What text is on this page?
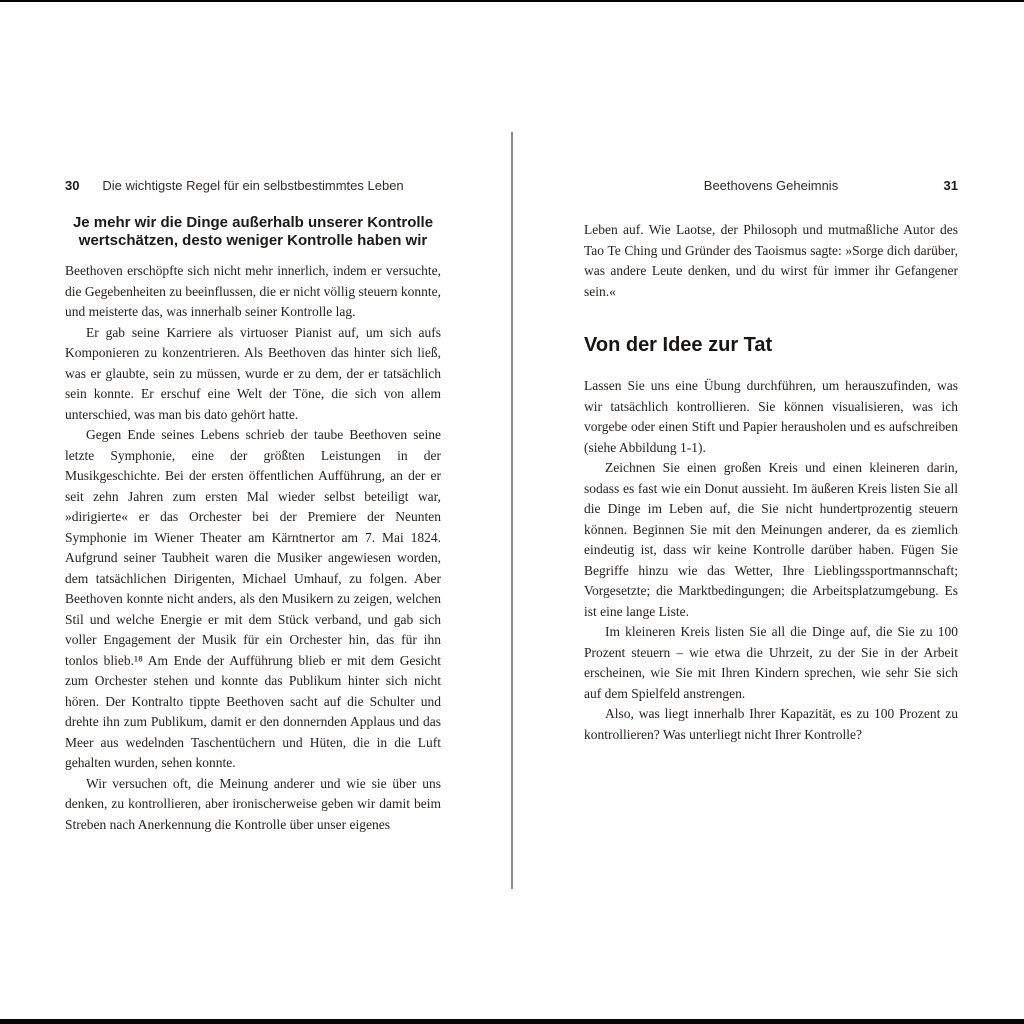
30 Die wichtigste Regel für ein selbstbestimmtes Leben
Je mehr wir die Dinge außerhalb unserer Kontrolle
wertschätzen, desto weniger Kontrolle haben wir

Beethoven erschöpfte sich nicht mehr innerlich, indem er versuchte, die Gegebenheiten zu beeinflussen, die er nicht völlig steuern konnte, und meisterte das, was innerhalb seiner Kontrolle lag.

Er gab seine Karriere als virtuoser Pianist auf, um sich aufs Komponieren zu konzentrieren. Als Beethoven das hinter sich ließ, was er glaubte, sein zu müssen, wurde er zu dem, der er tatsächlich sein konnte. Er erschuf eine Welt der Töne, die sich von allem unterschied, was man bis dato gehört hatte.

Gegen Ende seines Lebens schrieb der taube Beethoven seine letzte Symphonie, eine der größten Leistungen in der Musikgeschichte. Bei der ersten öffentlichen Aufführung, an der er seit zehn Jahren zum ersten Mal wieder selbst beteiligt war, »dirigierte« er das Orchester bei der Premiere der Neunten Symphonie im Wiener Theater am Kärntnertor am 7. Mai 1824. Aufgrund seiner Taubheit waren die Musiker angewiesen worden, dem tatsächlichen Dirigenten, Michael Umhauf, zu folgen. Aber Beethoven konnte nicht anders, als den Musikern zu zeigen, welchen Stil und welche Energie er mit dem Stück verband, und gab sich voller Engagement der Musik für ein Orchester hin, das für ihn tonlos blieb.¹⁸ Am Ende der Aufführung blieb er mit dem Gesicht zum Orchester stehen und konnte das Publikum hinter sich nicht hören. Der Kontralto tippte Beethoven sacht auf die Schulter und drehte ihn zum Publikum, damit er den donnernden Applaus und das Meer aus wedelnden Taschentüchern und Hüten, die in die Luft gehalten wurden, sehen konnte.

Wir versuchen oft, die Meinung anderer und wie sie über uns denken, zu kontrollieren, aber ironischerweise geben wir damit beim Streben nach Anerkennung die Kontrolle über unser eigenes

Beethovens Geheimnis	31

Leben auf. Wie Laotse, der Philosoph und mutmaßliche Autor des Tao Te Ching und Gründer des Taoismus sagte: »Sorge dich darüber, was andere Leute denken, und du wirst für immer ihr Gefangener sein.«

Von der Idee zur Tat

Lassen Sie uns eine Übung durchführen, um herauszufinden, was wir tatsächlich kontrollieren. Sie können visualisieren, was ich vorgebe oder einen Stift und Papier herausholen und es aufschreiben (siehe Abbildung 1-1).

Zeichnen Sie einen großen Kreis und einen kleineren darin, sodass es fast wie ein Donut aussieht. Im äußeren Kreis listen Sie all die Dinge im Leben auf, die Sie nicht hundertprozentig steuern können. Beginnen Sie mit den Meinungen anderer, da es ziemlich eindeutig ist, dass wir keine Kontrolle darüber haben. Fügen Sie Begriffe hinzu wie das Wetter, Ihre Lieblingssportmannschaft; Vorgesetzte; die Marktbedingungen; die Arbeitsplatzumgebung. Es ist eine lange Liste.

Im kleineren Kreis listen Sie all die Dinge auf, die Sie zu 100 Prozent steuern – wie etwa die Uhrzeit, zu der Sie in der Arbeit erscheinen, wie Sie mit Ihren Kindern sprechen, wie sehr Sie sich auf dem Spielfeld anstrengen.

Also, was liegt innerhalb Ihrer Kapazität, es zu 100 Prozent zu kontrollieren? Was unterliegt nicht Ihrer Kontrolle?
